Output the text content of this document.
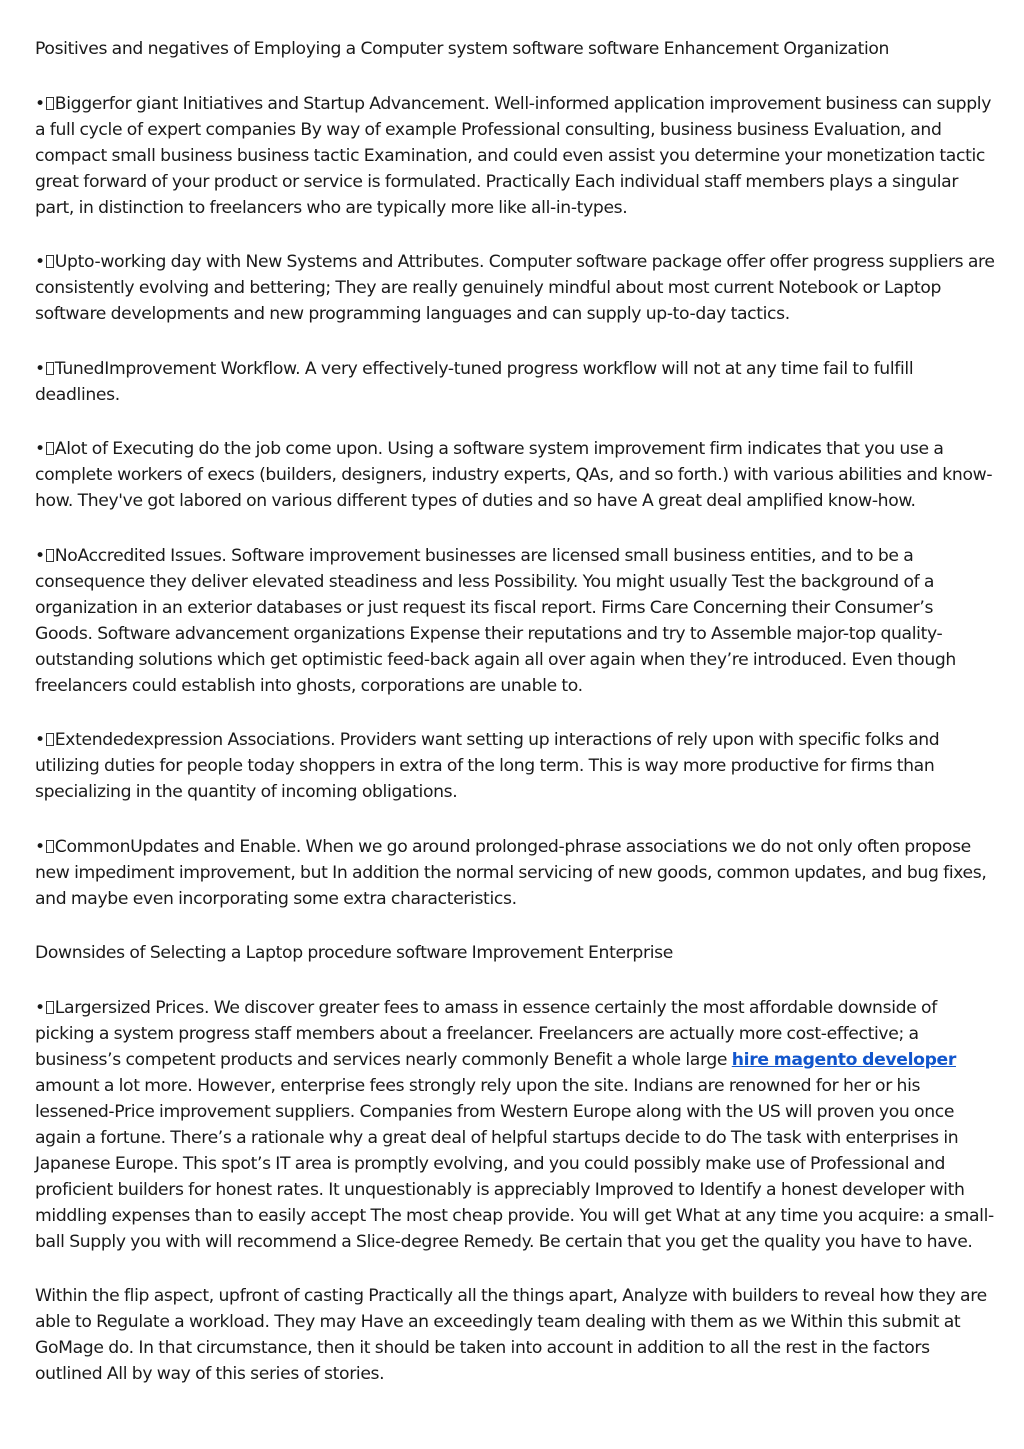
Positives and negatives of Employing a Computer system software software Enhancement Organization

• Biggerfor giant Initiatives and Startup Advancement. Well-informed application improvement business can supply a full cycle of expert companies By way of example Professional consulting, business business Evaluation, and compact small business business tactic Examination, and could even assist you determine your monetization tactic great forward of your product or service is formulated. Practically Each individual staff members plays a singular part, in distinction to freelancers who are typically more like all-in-types.

• Upto-working day with New Systems and Attributes. Computer software package offer offer progress suppliers are consistently evolving and bettering; They are really genuinely mindful about most current Notebook or Laptop software developments and new programming languages and can supply up-to-day tactics.

• TunedImprovement Workflow. A very effectively-tuned progress workflow will not at any time fail to fulfill deadlines.

• Alot of Executing do the job come upon. Using a software system improvement firm indicates that you use a complete workers of execs (builders, designers, industry experts, QAs, and so forth.) with various abilities and know-how. They've got labored on various different types of duties and so have A great deal amplified know-how.

• NoAccredited Issues. Software improvement businesses are licensed small business entities, and to be a consequence they deliver elevated steadiness and less Possibility. You might usually Test the background of a organization in an exterior databases or just request its fiscal report. Firms Care Concerning their Consumer’s Goods. Software advancement organizations Expense their reputations and try to Assemble major-top quality-outstanding solutions which get optimistic feed-back again all over again when they’re introduced. Even though freelancers could establish into ghosts, corporations are unable to.

• Extendedexpression Associations. Providers want setting up interactions of rely upon with specific folks and utilizing duties for people today shoppers in extra of the long term. This is way more productive for firms than specializing in the quantity of incoming obligations.

• CommonUpdates and Enable. When we go around prolonged-phrase associations we do not only often propose new impediment improvement, but In addition the normal servicing of new goods, common updates, and bug fixes, and maybe even incorporating some extra characteristics.

Downsides of Selecting a Laptop procedure software Improvement Enterprise

• Largersized Prices. We discover greater fees to amass in essence certainly the most affordable downside of picking a system progress staff members about a freelancer. Freelancers are actually more cost-effective; a business’s competent products and services nearly commonly Benefit a whole large hire magento developer amount a lot more. However, enterprise fees strongly rely upon the site. Indians are renowned for her or his lessened-Price improvement suppliers. Companies from Western Europe along with the US will proven you once again a fortune. There’s a rationale why a great deal of helpful startups decide to do The task with enterprises in Japanese Europe. This spot’s IT area is promptly evolving, and you could possibly make use of Professional and proficient builders for honest rates. It unquestionably is appreciably Improved to Identify a honest developer with middling expenses than to easily accept The most cheap provide. You will get What at any time you acquire: a small-ball Supply you with will recommend a Slice-degree Remedy. Be certain that you get the quality you have to have.

Within the flip aspect, upfront of casting Practically all the things apart, Analyze with builders to reveal how they are able to Regulate a workload. They may Have an exceedingly team dealing with them as we Within this submit at GoMage do. In that circumstance, then it should be taken into account in addition to all the rest in the factors outlined All by way of this series of stories.
